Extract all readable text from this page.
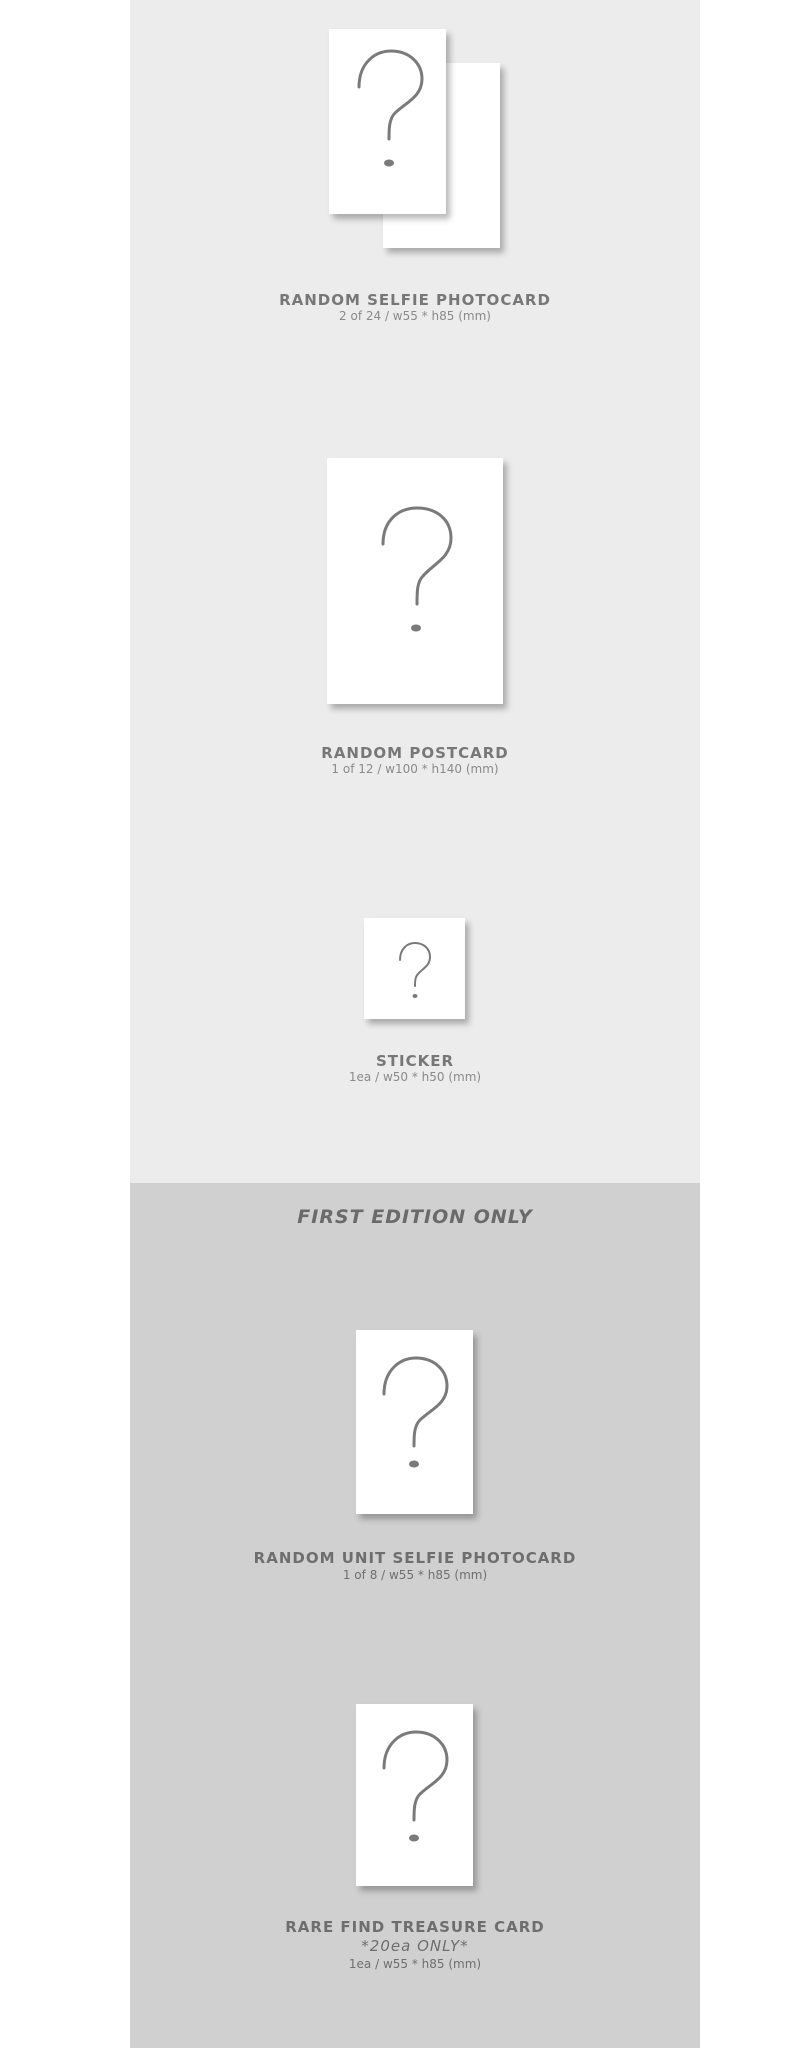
RANDOM SELFIE PHOTOCARD
2 of 24 / w55 * h85 (mm)
RANDOM POSTCARD
1 of 12 / w100 * h140 (mm)
STICKER
1ea / w50 * h50 (mm)
FIRST EDITION ONLY
RANDOM UNIT SELFIE PHOTOCARD
1 of 8 / w55 * h85 (mm)
RARE FIND TREASURE CARD
*20ea ONLY*
1ea / w55 * h85 (mm)
